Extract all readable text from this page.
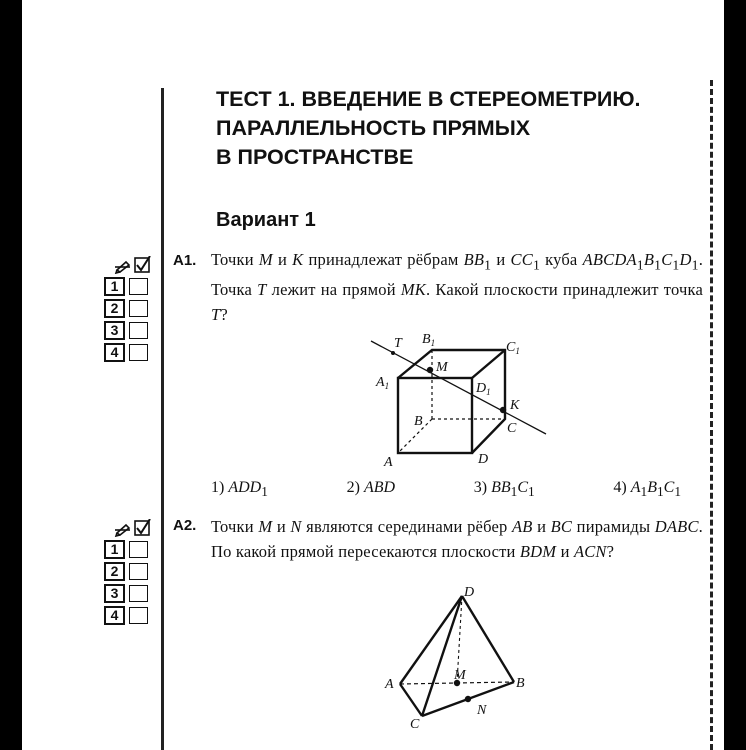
ТЕСТ 1. ВВЕДЕНИЕ В СТЕРЕОМЕТРИЮ.
ПАРАЛЛЕЛЬНОСТЬ ПРЯМЫХ
В ПРОСТРАНСТВЕ
Вариант 1
1
2
3
4
1
2
3
4
А1. Точки M и K принадлежат рёбрам $BB_1$ и $CC_1$ куба $ABCDA_1B_1C_1D_1$. Точка T лежит на прямой MK. Какой плоскости принадлежит точка T?
T $B_1$	$C_1$
M
$A_1$	$D_1$
K
B	C
A	D
1) $ADD_1$	2) ABD	3) $BB_1C_1$	4) $A_1B_1C_1$
А2. Точки M и N являются серединами рёбер AB и BC пирамиды DABC. По какой прямой пересекаются плоскости BDM и ACN?
D
A
M
B
N
C
